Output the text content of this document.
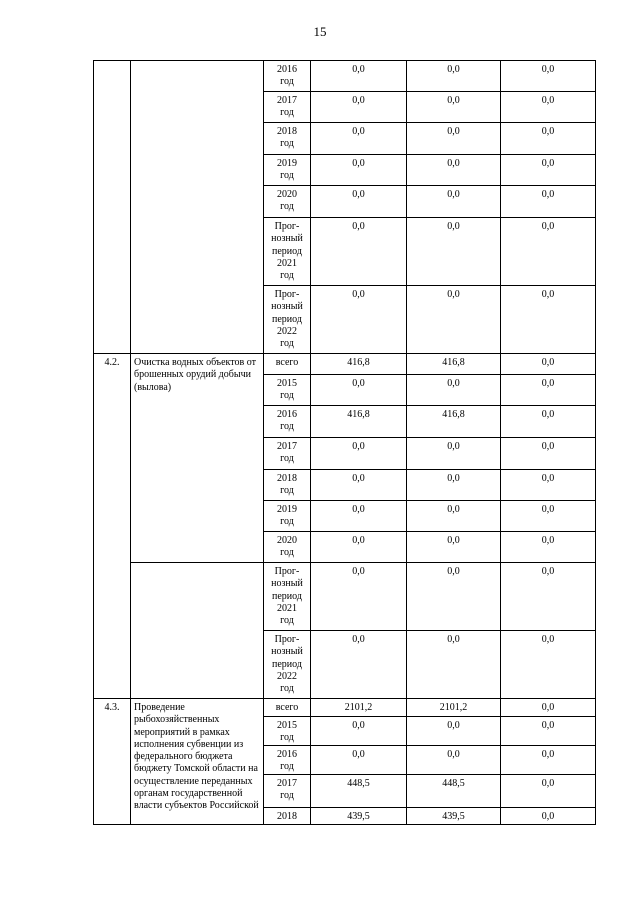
15
		2016
год	0,0	0,0	0,0
		2017
год	0,0	0,0	0,0
		2018
год	0,0	0,0	0,0
		2019
год	0,0	0,0	0,0
		2020
год	0,0	0,0	0,0
		Прог-
нозный
период
2021
год	0,0	0,0	0,0
		Прог-
нозный
период
2022
год	0,0	0,0	0,0
4.2.	Очистка водных объектов от брошенных орудий добычи (вылова)	всего	416,8	416,8	0,0
		2015
год	0,0	0,0	0,0
		2016
год	416,8	416,8	0,0
		2017
год	0,0	0,0	0,0
		2018
год	0,0	0,0	0,0
		2019
год	0,0	0,0	0,0
		2020
год	0,0	0,0	0,0
		Прог-
нозный
период
2021
год	0,0	0,0	0,0
		Прог-
нозный
период
2022
год	0,0	0,0	0,0
4.3.	Проведение рыбохозяйственных мероприятий в рамках исполнения субвенции из федерального бюджета бюджету Томской области на осуществление переданных органам государственной власти субъектов Российской	всего	2101,2	2101,2	0,0
		2015
год	0,0	0,0	0,0
		2016
год	0,0	0,0	0,0
		2017
год	448,5	448,5	0,0
		2018	439,5	439,5	0,0
